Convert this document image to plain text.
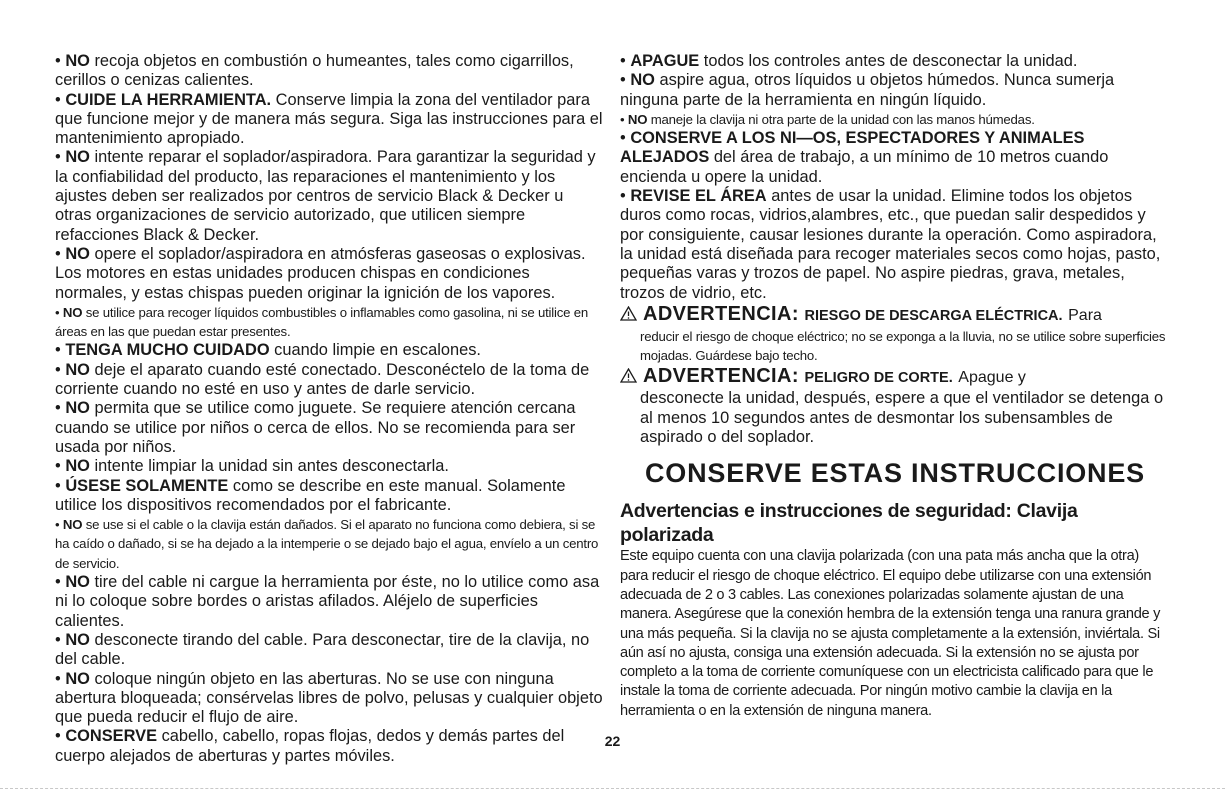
• NO recoja objetos en combustión o humeantes, tales como cigarrillos, cerillos o cenizas calientes.

• CUIDE LA HERRAMIENTA. Conserve limpia la zona del ventilador para que funcione mejor y de manera más segura. Siga las instrucciones para el mantenimiento apropiado.

• NO intente reparar el soplador/aspiradora. Para garantizar la seguridad y la confiabilidad del producto, las reparaciones el mantenimiento y los ajustes deben ser realizados por centros de servicio Black & Decker u otras organizaciones de servicio autorizado, que utilicen siempre refacciones Black & Decker.

• NO opere el soplador/aspiradora en atmósferas gaseosas o explosivas. Los motores en estas unidades producen chispas en condiciones normales, y estas chispas pueden originar la ignición de los vapores.

• NO se utilice para recoger líquidos combustibles o inflamables como gasolina, ni se utilice en áreas en las que puedan estar presentes.

• TENGA MUCHO CUIDADO cuando limpie en escalones.

• NO deje el aparato cuando esté conectado. Desconéctelo de la toma de corriente cuando no esté en uso y antes de darle servicio.

• NO permita que se utilice como juguete. Se requiere atención cercana cuando se utilice por niños o cerca de ellos. No se recomienda para ser usada por niños.

• NO intente limpiar la unidad sin antes desconectarla.

• ÚSESE SOLAMENTE como se describe en este manual. Solamente utilice los dispositivos recomendados por el fabricante.

• NO se use si el cable o la clavija están dañados. Si el aparato no funciona como debiera, si se ha caído o dañado, si se ha dejado a la intemperie o se dejado bajo el agua, envíelo a un centro de servicio.

• NO tire del cable ni cargue la herramienta por éste, no lo utilice como asa ni lo coloque sobre bordes o aristas afilados. Aléjelo de superficies calientes.

• NO desconecte tirando del cable. Para desconectar, tire de la clavija, no del cable.

• NO coloque ningún objeto en las aberturas. No se use con ninguna abertura bloqueada; consérvelas libres de polvo, pelusas y cualquier objeto que pueda reducir el flujo de aire.

• CONSERVE cabello, cabello, ropas flojas, dedos y demás partes del cuerpo alejados de aberturas y partes móviles.

• APAGUE todos los controles antes de desconectar la unidad.

• NO aspire agua, otros líquidos u objetos húmedos. Nunca sumerja ninguna parte de la herramienta en ningún líquido.

• NO maneje la clavija ni otra parte de la unidad con las manos húmedas.

• CONSERVE A LOS NI—OS, ESPECTADORES Y ANIMALES ALEJADOS del área de trabajo, a un mínimo de 10 metros cuando encienda u opere la unidad.

• REVISE EL ÁREA antes de usar la unidad. Elimine todos los objetos duros como rocas, vidrios,alambres, etc., que puedan salir despedidos y por consiguiente, causar lesiones durante la operación. Como aspiradora, la unidad está diseñada para recoger materiales secos como hojas, pasto, pequeñas varas y trozos de papel. No aspire piedras, grava, metales, trozos de vidrio, etc.

ADVERTENCIA: RIESGO DE DESCARGA ELÉCTRICA. Para

reducir el riesgo de choque eléctrico; no se exponga a la lluvia, no se utilice sobre superficies mojadas. Guárdese bajo techo.

ADVERTENCIA: PELIGRO DE CORTE. Apague y

desconecte la unidad, después, espere a que el ventilador se detenga o al menos 10 segundos antes de desmontar los subensambles de aspirado o del soplador.

CONSERVE ESTAS INSTRUCCIONES

Advertencias e instrucciones de seguridad: Clavija polarizada

Este equipo cuenta con una clavija polarizada (con una pata más ancha que la otra) para reducir el riesgo de choque eléctrico. El equipo debe utilizarse con una extensión adecuada de 2 o 3 cables. Las conexiones polarizadas solamente ajustan de una manera. Asegúrese que la conexión hembra de la extensión tenga una ranura grande y una más pequeña. Si la clavija no se ajusta completamente a la extensión, inviértala. Si aún así no ajusta, consiga una extensión adecuada. Si la extensión no se ajusta por completo a la toma de corriente comuníquese con un electricista calificado para que le instale la toma de corriente adecuada. Por ningún motivo cambie la clavija en la herramienta o en la extensión de ninguna manera.

22
